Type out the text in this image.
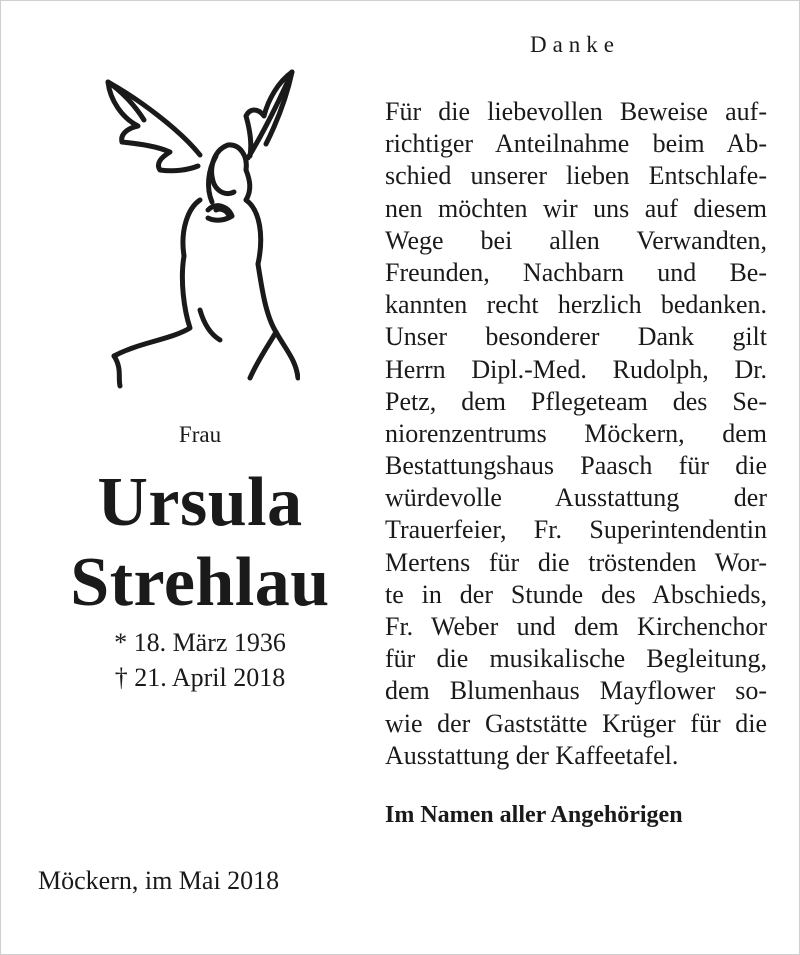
Frau
Ursula
Strehlau
* 18. März 1936
† 21. April 2018
Möckern, im Mai 2018
Danke
Für die liebevollen Beweise auf-
richtiger Anteilnahme beim Ab-
schied unserer lieben Entschlafe-
nen möchten wir uns auf diesem
Wege bei allen Verwandten,
Freunden, Nachbarn und Be-
kannten recht herzlich bedanken.
Unser besonderer Dank gilt
Herrn Dipl.-Med. Rudolph, Dr.
Petz, dem Pflegeteam des Se-
niorenzentrums Möckern, dem
Bestattungshaus Paasch für die
würdevolle Ausstattung der
Trauerfeier, Fr. Superintendentin
Mertens für die tröstenden Wor-
te in der Stunde des Abschieds,
Fr. Weber und dem Kirchenchor
für die musikalische Begleitung,
dem Blumenhaus Mayflower so-
wie der Gaststätte Krüger für die
Ausstattung der Kaffeetafel.
Im Namen aller Angehörigen
